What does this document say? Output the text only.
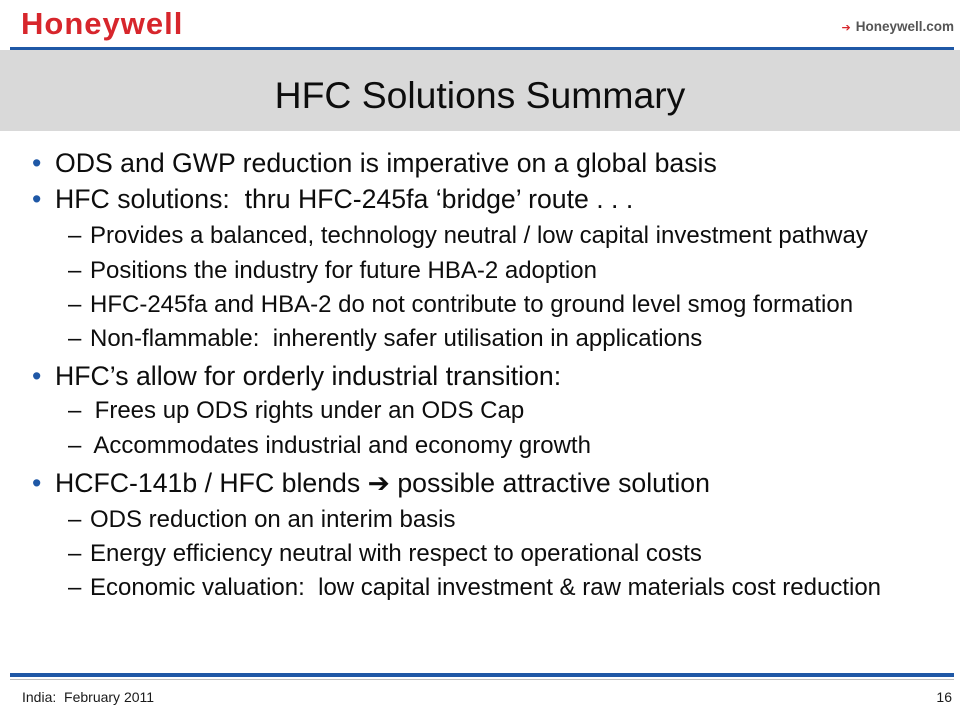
Honeywell	➔ Honeywell.com
HFC Solutions Summary
• ODS and GWP reduction is imperative on a global basis
• HFC solutions:  thru HFC-245fa ‘bridge’ route . . .
– Provides a balanced, technology neutral / low capital investment pathway
– Positions the industry for future HBA-2 adoption
– HFC-245fa and HBA-2 do not contribute to ground level smog formation
– Non-flammable:  inherently safer utilisation in applications
• HFC’s allow for orderly industrial transition:
–  Frees up ODS rights under an ODS Cap
–  Accommodates industrial and economy growth
• HCFC-141b / HFC blends ➔ possible attractive solution
– ODS reduction on an interim basis
– Energy efficiency neutral with respect to operational costs
– Economic valuation:  low capital investment & raw materials cost reduction
India:  February 2011	16
